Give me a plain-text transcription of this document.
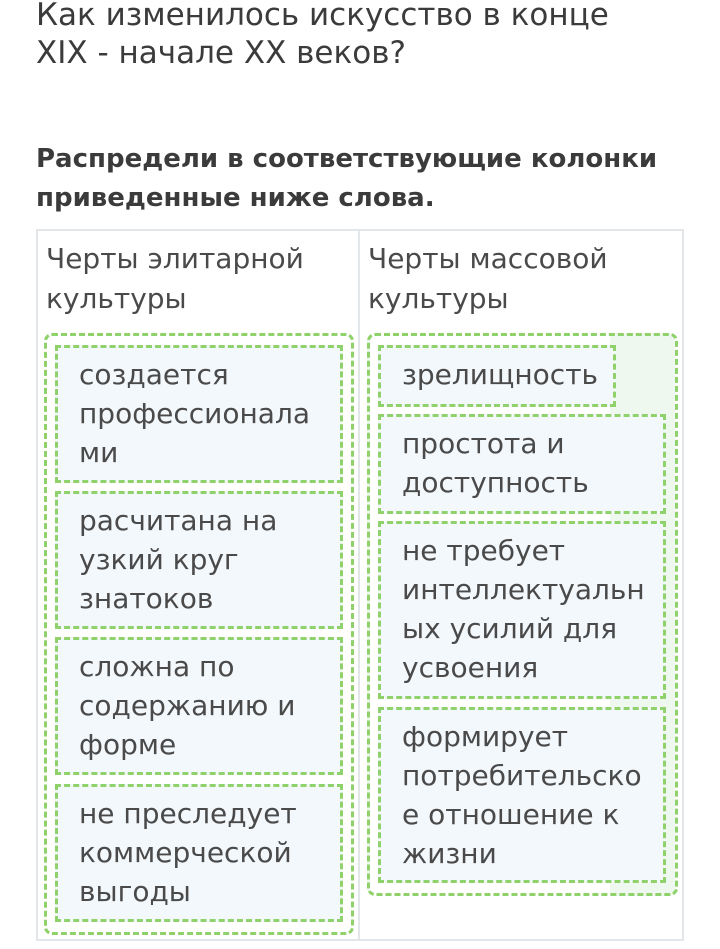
Как изменилось искусство в конце
XIX - начале XX веков?

Распредели в соответствующие колонки
приведенные ниже слова.

Черты элитарной
культуры
создается
профессионала
ми
расчитана на
узкий круг
знатоков
сложна по
содержанию и
форме
не преследует
коммерческой
выгоды
Черты массовой
культуры
зрелищность
простота и
доступность
не требует
интеллектуальн
ых усилий для
усвоения
формирует
потребительско
е отношение к
жизни
